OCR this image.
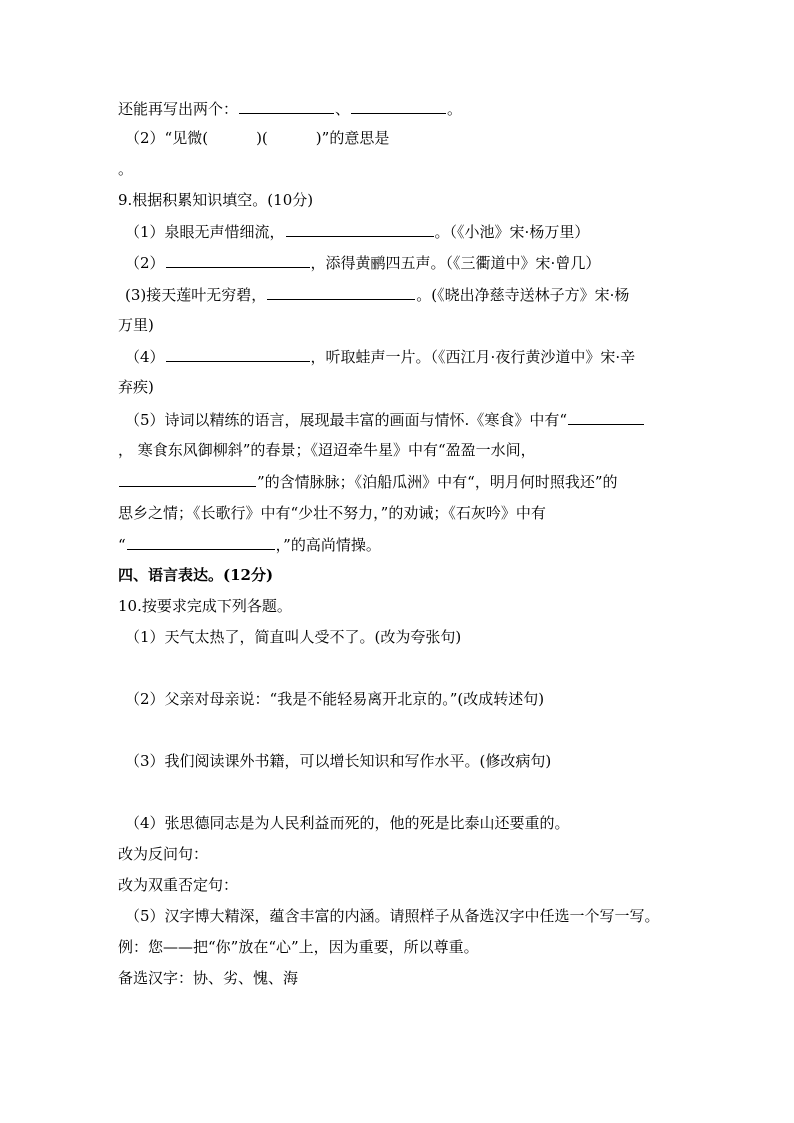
还能再写出两个：	、	。
（2）“见微(	)(	)”的意思是
。
9.根据积累知识填空。(10分)
（1）泉眼无声惜细流，	。（《小池》宋·杨万里）
（2）	，添得黄鹂四五声。（《三衢道中》宋·曾几）
(3)接天莲叶无穷碧，	。(《晓出净慈寺送林子方》宋·杨
万里)
（4）	，听取蛙声一片。（《西江月·夜行黄沙道中》宋·辛
弃疾)
（5）诗词以精练的语言，展现最丰富的画面与情怀.《寒食》中有“
， 寒食东风御柳斜”的春景；《迢迢牵牛星》中有“盈盈一水间，
”的含情脉脉；《泊船瓜洲》中有“，明月何时照我还”的
思乡之情；《长歌行》中有“少壮不努力，”的劝诫；《石灰吟》中有
“	，”的高尚情操。
四、语言表达。(12分)
10.按要求完成下列各题。
（1）天气太热了，简直叫人受不了。(改为夸张句)
（2）父亲对母亲说：“我是不能轻易离开北京的。”(改成转述句)
（3）我们阅读课外书籍，可以增长知识和写作水平。(修改病句)
（4）张思德同志是为人民利益而死的，他的死是比泰山还要重的。
改为反问句：
改为双重否定句：
（5）汉字博大精深，蕴含丰富的内涵。请照样子从备选汉字中任选一个写一写。
例：您——把“你”放在“心”上，因为重要，所以尊重。
备选汉字：协、劣、愧、海
